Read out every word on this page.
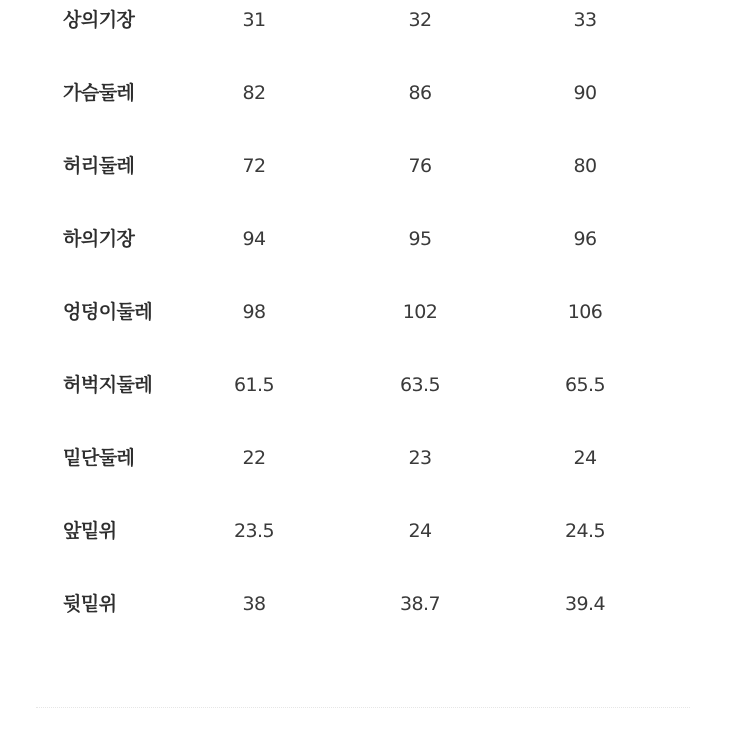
상의기장	31	32	33
가슴둘레	82	86	90
허리둘레	72	76	80
하의기장	94	95	96
엉덩이둘레	98	102	106
허벅지둘레	61.5	63.5	65.5
밑단둘레	22	23	24
앞밑위	23.5	24	24.5
뒷밑위	38	38.7	39.4
